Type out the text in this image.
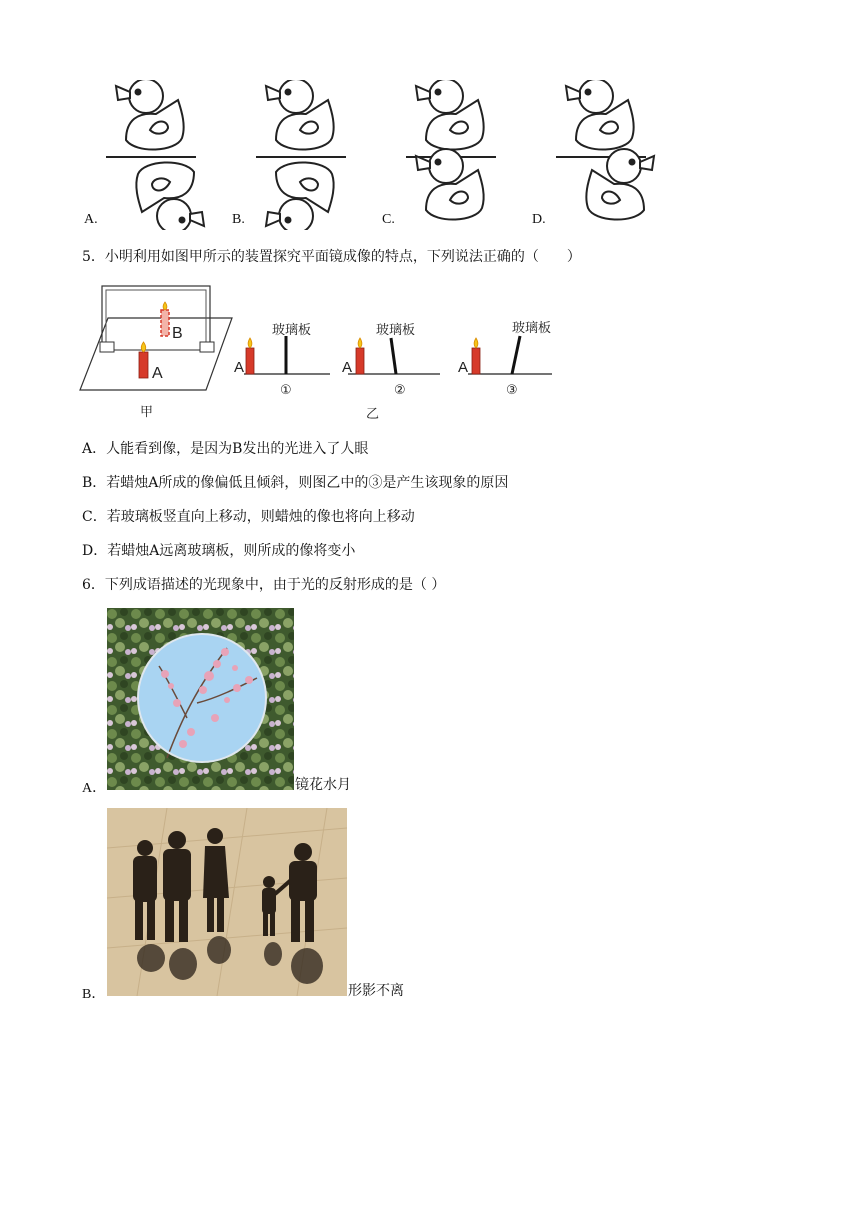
A.	B.	C.	D.
5．小明利用如图甲所示的装置探究平面镜成像的特点，下列说法正确的（　　）
B
A
甲
A
玻璃板
①
A
玻璃板
②
A
玻璃板
③
乙
A．人能看到像，是因为B发出的光进入了人眼
B．若蜡烛A所成的像偏低且倾斜，则图乙中的③是产生该现象的原因
C．若玻璃板竖直向上移动，则蜡烛的像也将向上移动
D．若蜡烛A远离玻璃板，则所成的像将变小
6．下列成语描述的光现象中，由于光的反射形成的是（ ）
A．	镜花水月
B．	形影不离
